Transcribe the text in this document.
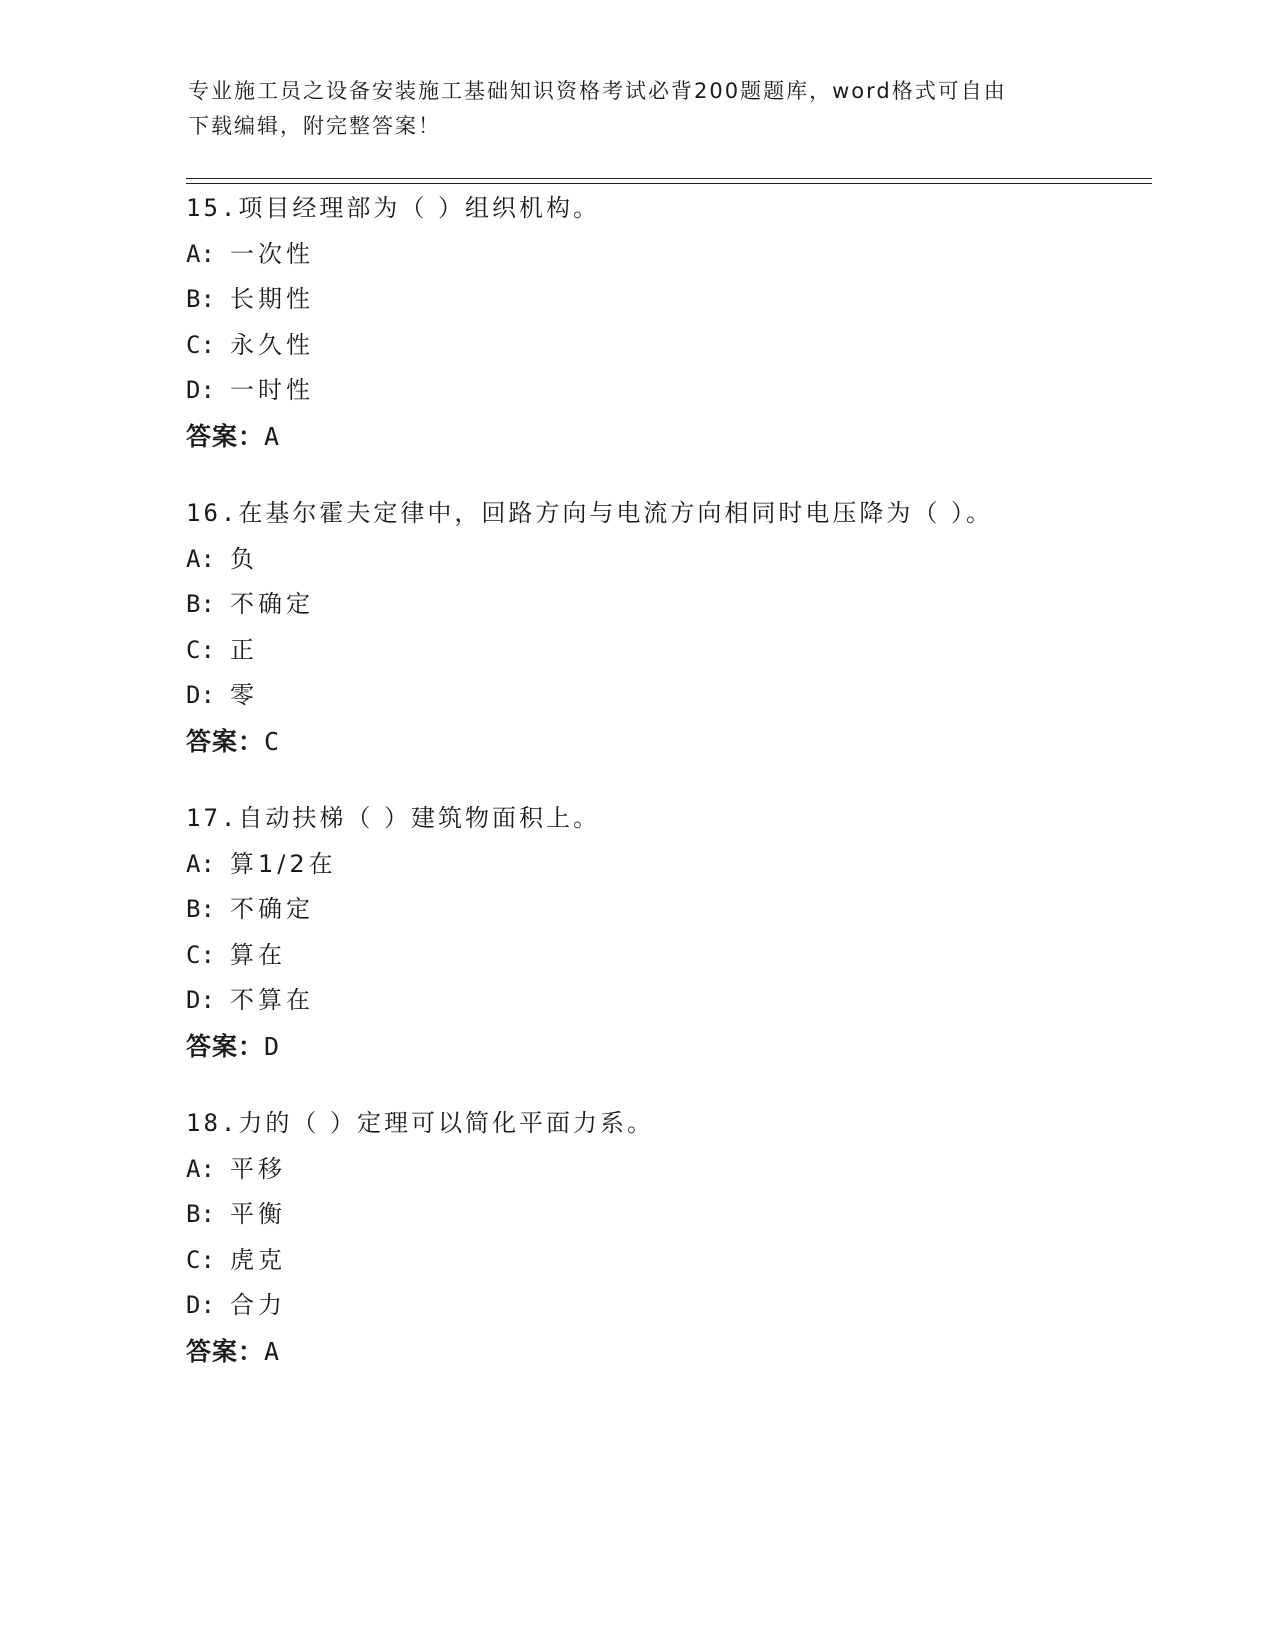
专业施工员之设备安装施工基础知识资格考试必背200题题库，word格式可自由
下载编辑，附完整答案！
15.项目经理部为（ ）组织机构。
A: 一次性
B: 长期性
C: 永久性
D: 一时性
答案：A
16.在基尔霍夫定律中，回路方向与电流方向相同时电压降为（ ）。
A: 负
B: 不确定
C: 正
D: 零
答案：C
17.自动扶梯（ ）建筑物面积上。
A: 算1/2在
B: 不确定
C: 算在
D: 不算在
答案：D
18.力的（ ）定理可以简化平面力系。
A: 平移
B: 平衡
C: 虎克
D: 合力
答案：A
